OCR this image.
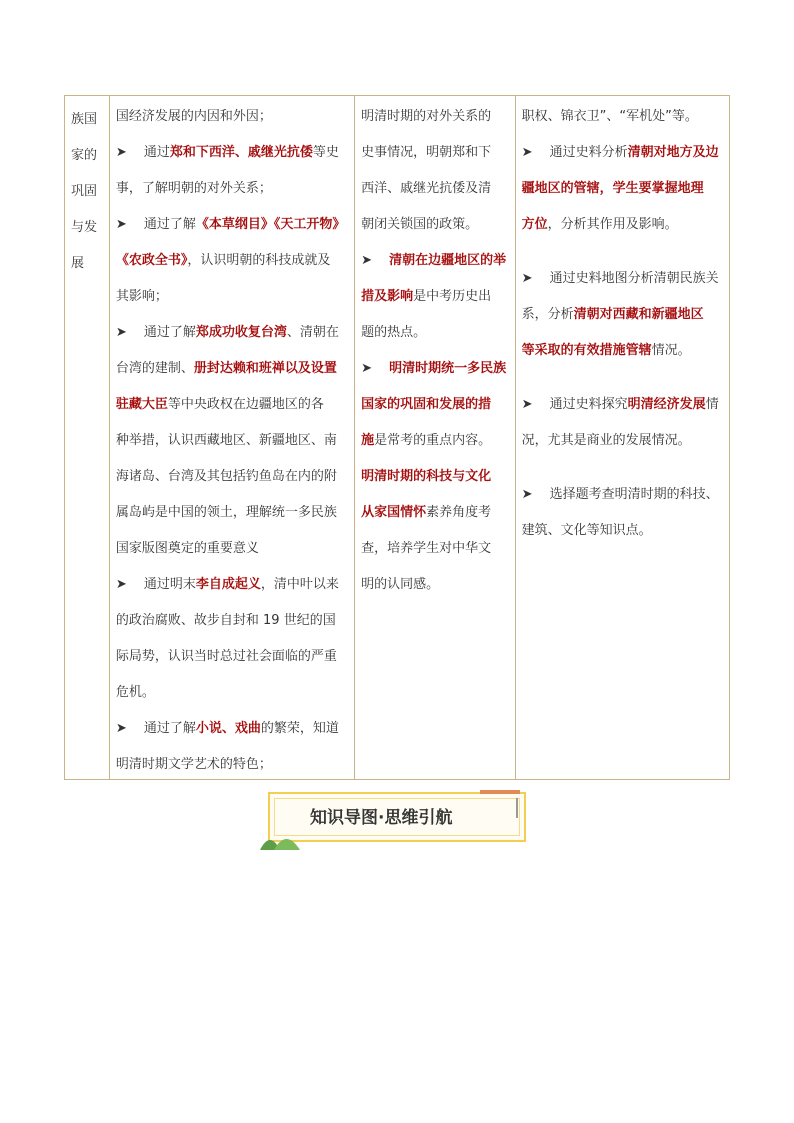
族国
家的
巩固
与发
展
国经济发展的内因和外因；
➤ 通过郑和下西洋、戚继光抗倭等史
事，了解明朝的对外关系；
➤ 通过了解《本草纲目》《天工开物》
《农政全书》，认识明朝的科技成就及
其影响；
➤ 通过了解郑成功收复台湾、清朝在
台湾的建制、册封达赖和班禅以及设置
驻藏大臣等中央政权在边疆地区的各
种举措，认识西藏地区、新疆地区、南
海诸岛、台湾及其包括钓鱼岛在内的附
属岛屿是中国的领土，理解统一多民族
国家版图奠定的重要意义
➤ 通过明末李自成起义，清中叶以来
的政治腐败、故步自封和 19 世纪的国
际局势，认识当时总过社会面临的严重
危机。
➤ 通过了解小说、戏曲的繁荣，知道
明清时期文学艺术的特色；
明清时期的对外关系的
史事情况，明朝郑和下
西洋、戚继光抗倭及清
朝闭关锁国的政策。
➤ 清朝在边疆地区的举
措及影响是中考历史出
题的热点。
➤ 明清时期统一多民族
国家的巩固和发展的措
施是常考的重点内容。
明清时期的科技与文化
从家国情怀素养角度考
查，培养学生对中华文
明的认同感。
职权、锦衣卫”、“军机处”等。
➤ 通过史料分析清朝对地方及边
疆地区的管辖，学生要掌握地理
方位，分析其作用及影响。
➤ 通过史料地图分析清朝民族关
系，分析清朝对西藏和新疆地区
等采取的有效措施管辖情况。
➤ 通过史料探究明清经济发展情
况，尤其是商业的发展情况。
➤ 选择题考查明清时期的科技、
建筑、文化等知识点。
知识导图·思维引航
